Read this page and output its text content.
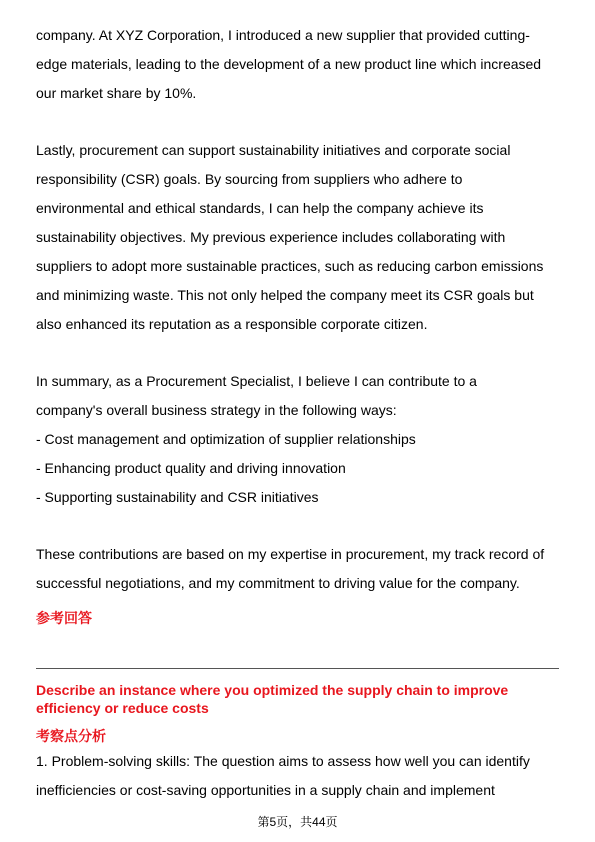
company. At XYZ Corporation, I introduced a new supplier that provided cutting-
edge materials, leading to the development of a new product line which increased
our market share by 10%.
Lastly, procurement can support sustainability initiatives and corporate social
responsibility (CSR) goals. By sourcing from suppliers who adhere to
environmental and ethical standards, I can help the company achieve its
sustainability objectives. My previous experience includes collaborating with
suppliers to adopt more sustainable practices, such as reducing carbon emissions
and minimizing waste. This not only helped the company meet its CSR goals but
also enhanced its reputation as a responsible corporate citizen.
In summary, as a Procurement Specialist, I believe I can contribute to a
company's overall business strategy in the following ways:
- Cost management and optimization of supplier relationships
- Enhancing product quality and driving innovation
- Supporting sustainability and CSR initiatives
These contributions are based on my expertise in procurement, my track record of
successful negotiations, and my commitment to driving value for the company.
参考回答
Describe an instance where you optimized the supply chain to improve
efficiency or reduce costs
考察点分析
1. Problem-solving skills: The question aims to assess how well you can identify
inefficiencies or cost-saving opportunities in a supply chain and implement
第5页，共44页
